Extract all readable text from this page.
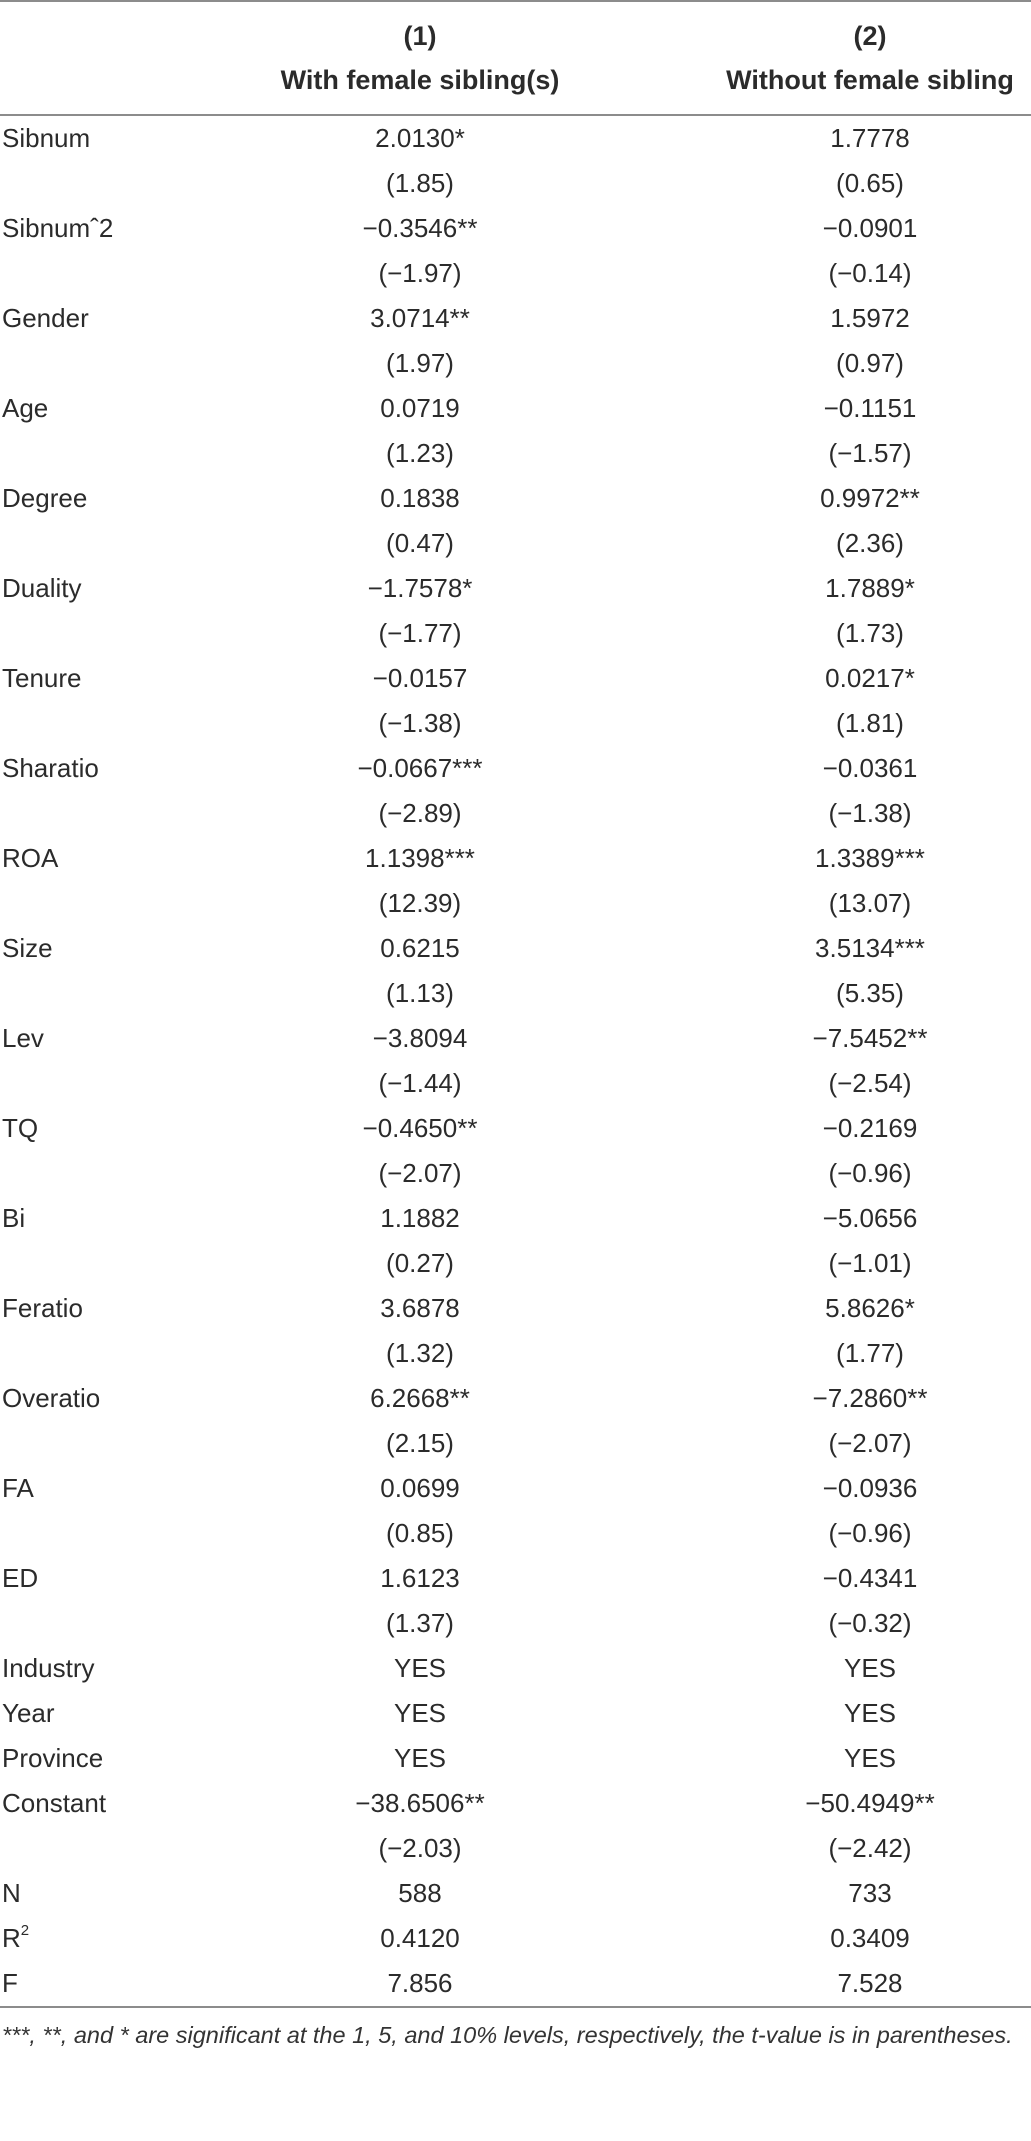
(1)
With female sibling(s)
(2)
Without female sibling
Sibnum	2.0130*	1.7778
(1.85)	(0.65)
Sibnumˆ2	−0.3546**	−0.0901
(−1.97)	(−0.14)
Gender	3.0714**	1.5972
(1.97)	(0.97)
Age	0.0719	−0.1151
(1.23)	(−1.57)
Degree	0.1838	0.9972**
(0.47)	(2.36)
Duality	−1.7578*	1.7889*
(−1.77)	(1.73)
Tenure	−0.0157	0.0217*
(−1.38)	(1.81)
Sharatio	−0.0667***	−0.0361
(−2.89)	(−1.38)
ROA	1.1398***	1.3389***
(12.39)	(13.07)
Size	0.6215	3.5134***
(1.13)	(5.35)
Lev	−3.8094	−7.5452**
(−1.44)	(−2.54)
TQ	−0.4650**	−0.2169
(−2.07)	(−0.96)
Bi	1.1882	−5.0656
(0.27)	(−1.01)
Feratio	3.6878	5.8626*
(1.32)	(1.77)
Overatio	6.2668**	−7.2860**
(2.15)	(−2.07)
FA	0.0699	−0.0936
(0.85)	(−0.96)
ED	1.6123	−0.4341
(1.37)	(−0.32)
Industry	YES	YES
Year	YES	YES
Province	YES	YES
Constant	−38.6506**	−50.4949**
(−2.03)	(−2.42)
N	588	733
$R^2$	0.4120	0.3409
F	7.856	7.528
***, **, and * are significant at the 1, 5, and 10% levels, respectively, the t-value is in parentheses.
